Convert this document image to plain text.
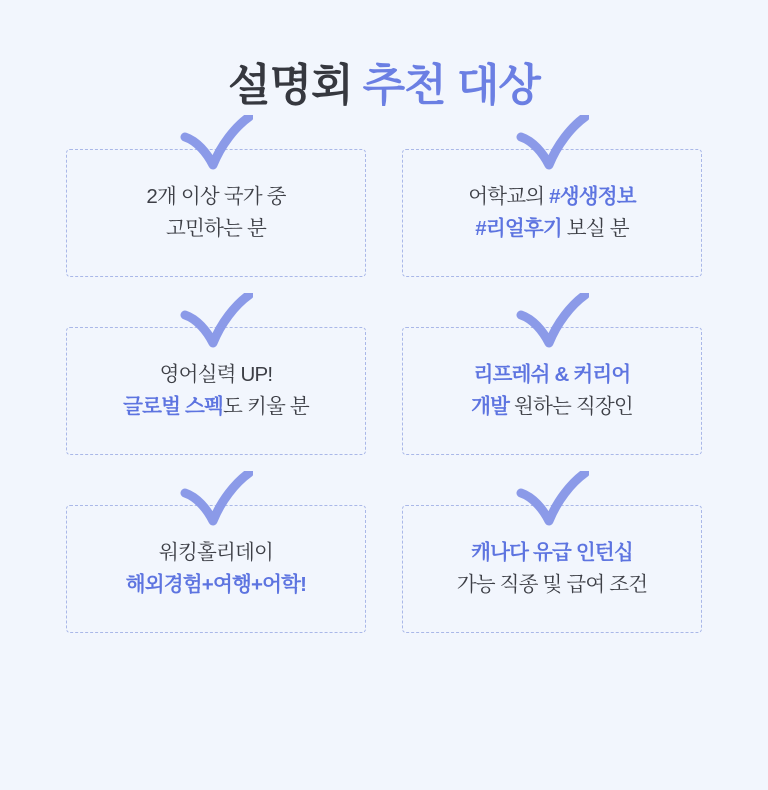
설명회 추천 대상
2개 이상 국가 중
고민하는 분
어학교의 #생생정보
#리얼후기 보실 분
영어실력 UP!
글로벌 스펙도 키울 분
리프레쉬 & 커리어
개발 원하는 직장인
워킹홀리데이
해외경험+여행+어학!
캐나다 유급 인턴십
가능 직종 및 급여 조건
